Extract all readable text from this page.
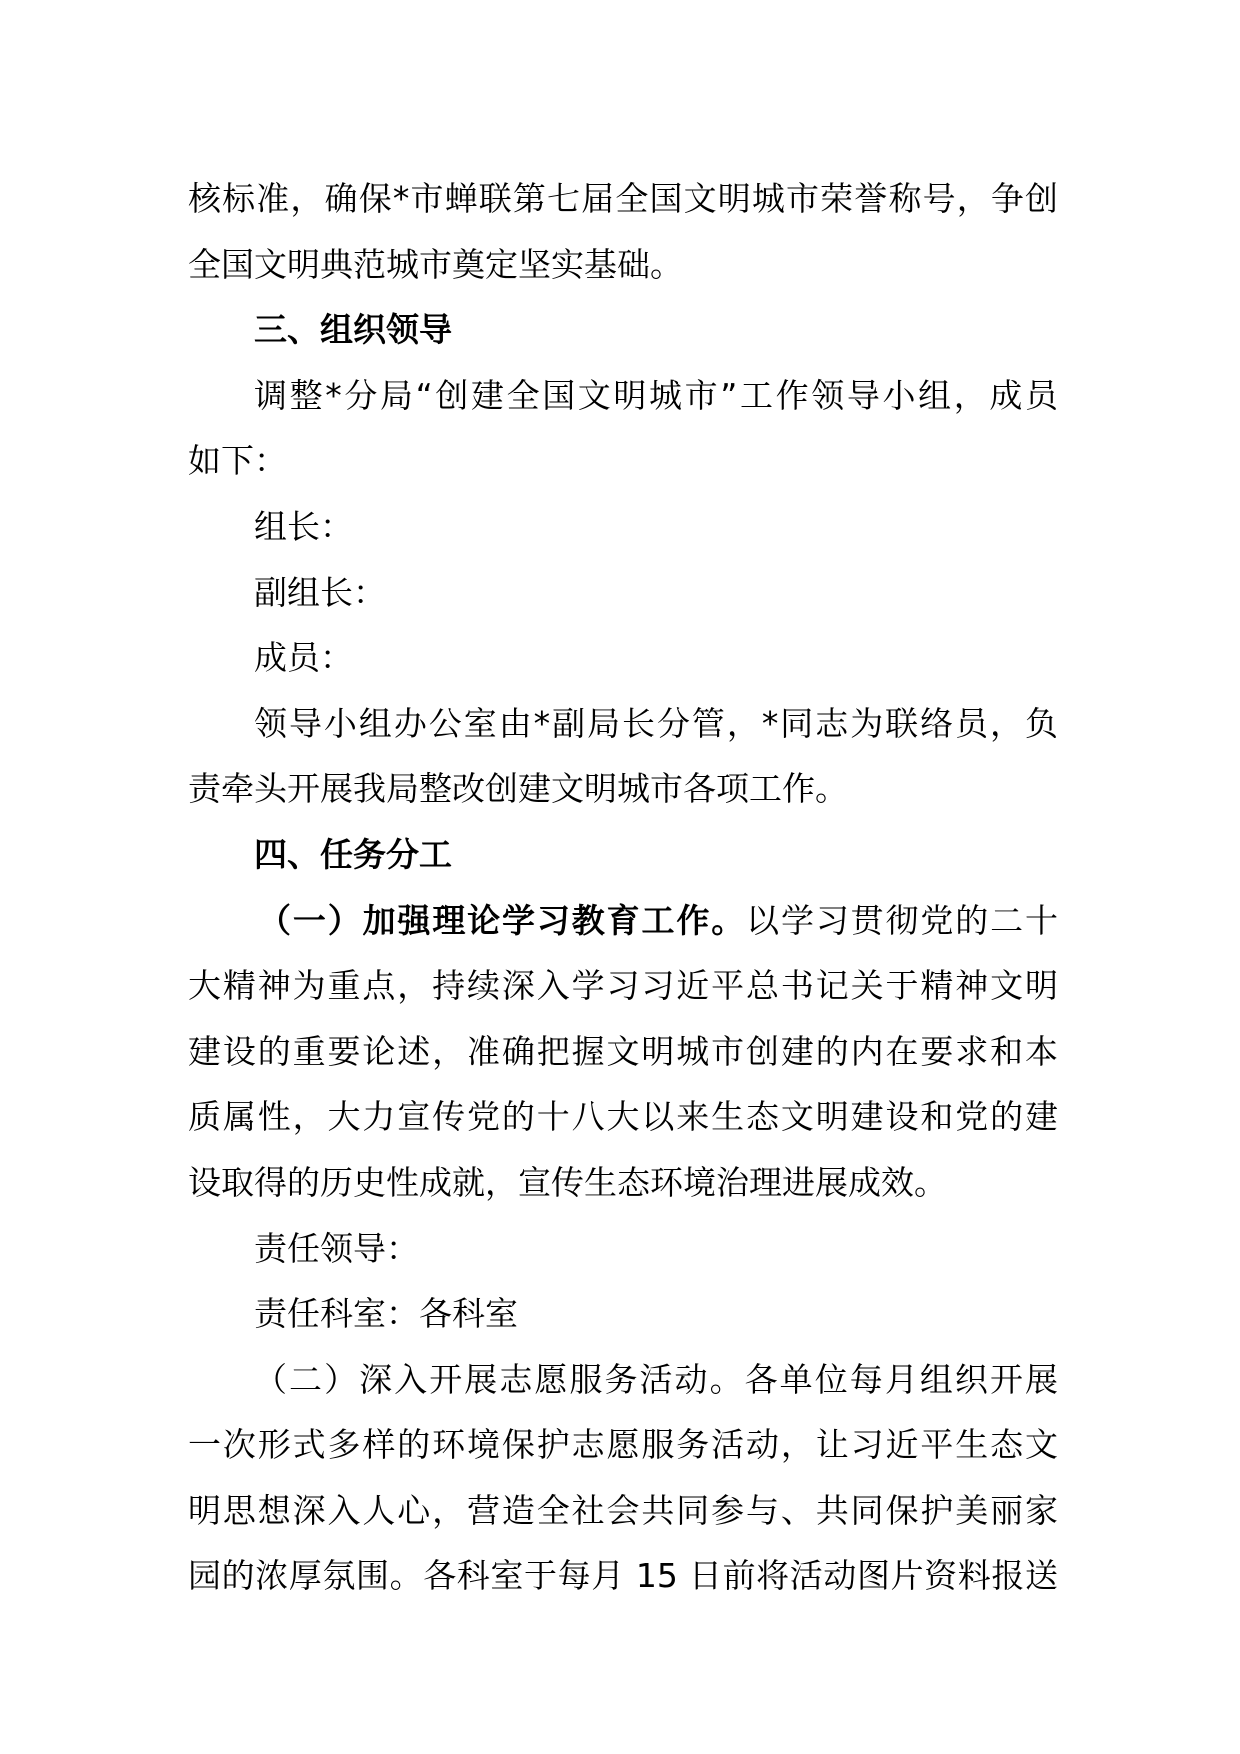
核标准，确保*市蝉联第七届全国文明城市荣誉称号，争创
全国文明典范城市奠定坚实基础。
三、组织领导
调整*分局“创建全国文明城市”工作领导小组，成员
如下：
组长：
副组长：
成员：
领导小组办公室由*副局长分管，*同志为联络员，负
责牵头开展我局整改创建文明城市各项工作。
四、任务分工
（一）加强理论学习教育工作。以学习贯彻党的二十
大精神为重点，持续深入学习习近平总书记关于精神文明
建设的重要论述，准确把握文明城市创建的内在要求和本
质属性，大力宣传党的十八大以来生态文明建设和党的建
设取得的历史性成就，宣传生态环境治理进展成效。
责任领导：
责任科室：各科室
（二）深入开展志愿服务活动。各单位每月组织开展
一次形式多样的环境保护志愿服务活动，让习近平生态文
明思想深入人心，营造全社会共同参与、共同保护美丽家
园的浓厚氛围。各科室于每月 15 日前将活动图片资料报送
